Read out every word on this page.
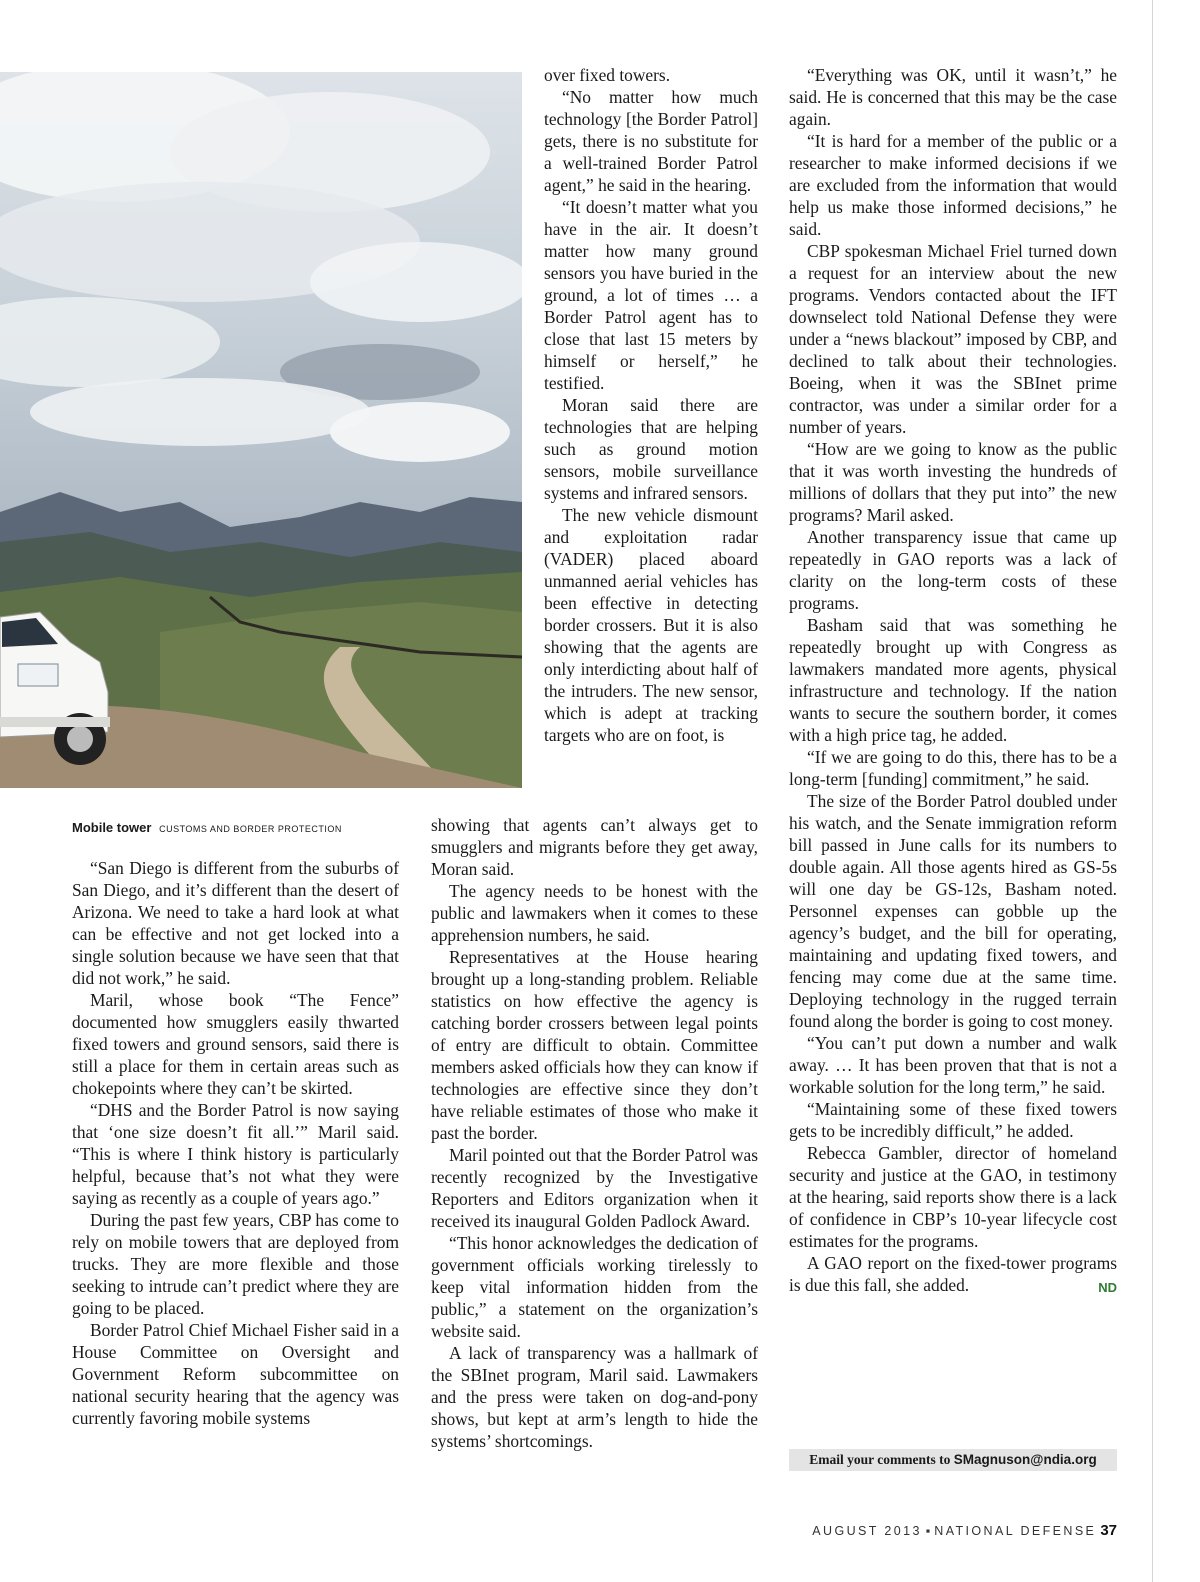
Mobile tower CUSTOMS AND BORDER PROTECTION

“San Diego is different from the suburbs of San Diego, and it’s different than the desert of Arizona. We need to take a hard look at what can be effective and not get locked into a single solution because we have seen that that did not work,” he said.

Maril, whose book “The Fence” documented how smugglers easily thwarted fixed towers and ground sensors, said there is still a place for them in certain areas such as chokepoints where they can’t be skirted.

“DHS and the Border Patrol is now saying that ‘one size doesn’t fit all.’” Maril said. “This is where I think history is particularly helpful, because that’s not what they were saying as recently as a couple of years ago.”

During the past few years, CBP has come to rely on mobile towers that are deployed from trucks. They are more flexible and those seeking to intrude can’t predict where they are going to be placed.

Border Patrol Chief Michael Fisher said in a House Committee on Oversight and Government Reform subcommittee on national security hearing that the agency was currently favoring mobile systems

over fixed towers.

“No matter how much technology [the Border Patrol] gets, there is no substitute for a well-trained Border Patrol agent,” he said in the hearing.

“It doesn’t matter what you have in the air. It doesn’t matter how many ground sensors you have buried in the ground, a lot of times … a Border Patrol agent has to close that last 15 meters by himself or herself,” he testified.

Moran said there are technologies that are helping such as ground motion sensors, mobile surveillance systems and infrared sensors.

The new vehicle dismount and exploitation radar (VADER) placed aboard unmanned aerial vehicles has been effective in detecting border crossers. But it is also showing that the agents are only interdicting about half of the intruders. The new sensor, which is adept at tracking targets who are on foot, is

showing that agents can’t always get to smugglers and migrants before they get away, Moran said.

The agency needs to be honest with the public and lawmakers when it comes to these apprehension numbers, he said.

Representatives at the House hearing brought up a long-standing problem. Reliable statistics on how effective the agency is catching border crossers between legal points of entry are difficult to obtain. Committee members asked officials how they can know if technologies are effective since they don’t have reliable estimates of those who make it past the border.

Maril pointed out that the Border Patrol was recently recognized by the Investigative Reporters and Editors organization when it received its inaugural Golden Padlock Award.

“This honor acknowledges the dedication of government officials working tirelessly to keep vital information hidden from the public,” a statement on the organization’s website said.

A lack of transparency was a hallmark of the SBInet program, Maril said. Lawmakers and the press were taken on dog-and-pony shows, but kept at arm’s length to hide the systems’ shortcomings.

“Everything was OK, until it wasn’t,” he said. He is concerned that this may be the case again.

“It is hard for a member of the public or a researcher to make informed decisions if we are excluded from the information that would help us make those informed decisions,” he said.

CBP spokesman Michael Friel turned down a request for an interview about the new programs. Vendors contacted about the IFT downselect told National Defense they were under a “news blackout” imposed by CBP, and declined to talk about their technologies. Boeing, when it was the SBInet prime contractor, was under a similar order for a number of years.

“How are we going to know as the public that it was worth investing the hundreds of millions of dollars that they put into” the new programs? Maril asked.

Another transparency issue that came up repeatedly in GAO reports was a lack of clarity on the long-term costs of these programs.

Basham said that was something he repeatedly brought up with Congress as lawmakers mandated more agents, physical infrastructure and technology. If the nation wants to secure the southern border, it comes with a high price tag, he added.

“If we are going to do this, there has to be a long-term [funding] commitment,” he said.

The size of the Border Patrol doubled under his watch, and the Senate immigration reform bill passed in June calls for its numbers to double again. All those agents hired as GS-5s will one day be GS-12s, Basham noted. Personnel expenses can gobble up the agency’s budget, and the bill for operating, maintaining and updating fixed towers, and fencing may come due at the same time. Deploying technology in the rugged terrain found along the border is going to cost money.

“You can’t put down a number and walk away. … It has been proven that that is not a workable solution for the long term,” he said.

“Maintaining some of these fixed towers gets to be incredibly difficult,” he added.

Rebecca Gambler, director of homeland security and justice at the GAO, in testimony at the hearing, said reports show there is a lack of confidence in CBP’s 10-year lifecycle cost estimates for the programs.

A GAO report on the fixed-tower programs is due this fall, she added.	ND

Email your comments to SMagnuson@ndia.org
AUGUST 2013 ▪ NATIONAL DEFENSE 37
